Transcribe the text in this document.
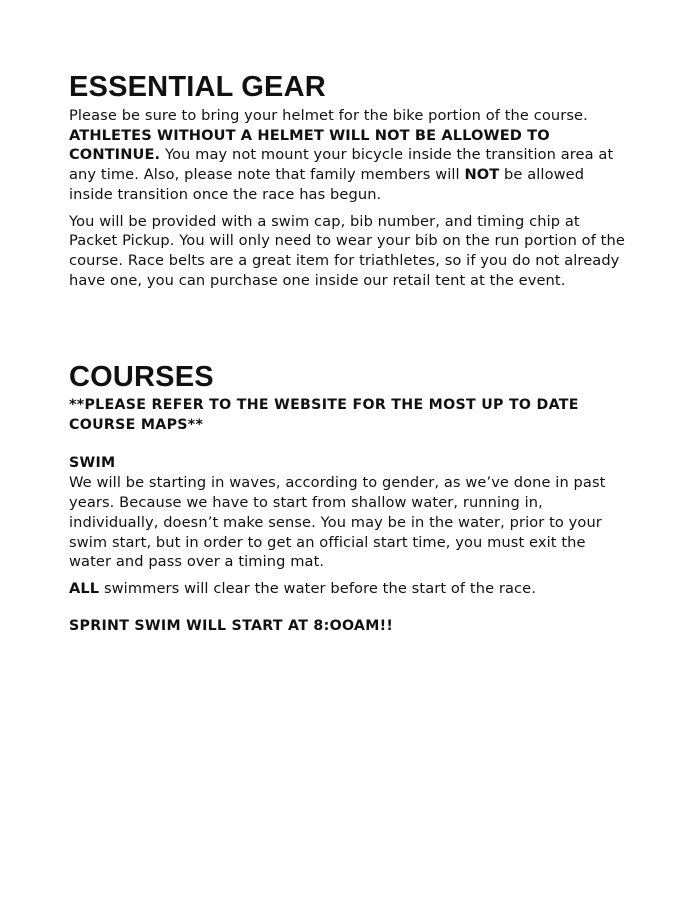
ESSENTIAL GEAR

Please be sure to bring your helmet for the bike portion of the course. ATHLETES WITHOUT A HELMET WILL NOT BE ALLOWED TO CONTINUE. You may not mount your bicycle inside the transition area at any time. Also, please note that family members will NOT be allowed inside transition once the race has begun.

You will be provided with a swim cap, bib number, and timing chip at Packet Pickup. You will only need to wear your bib on the run portion of the course. Race belts are a great item for triathletes, so if you do not already have one, you can purchase one inside our retail tent at the event.

COURSES

**PLEASE REFER TO THE WEBSITE FOR THE MOST UP TO DATE COURSE MAPS**

SWIM

We will be starting in waves, according to gender, as we’ve done in past years. Because we have to start from shallow water, running in, individually, doesn’t make sense. You may be in the water, prior to your swim start, but in order to get an official start time, you must exit the water and pass over a timing mat.

ALL swimmers will clear the water before the start of the race.

SPRINT SWIM WILL START AT 8:OOAM!!
